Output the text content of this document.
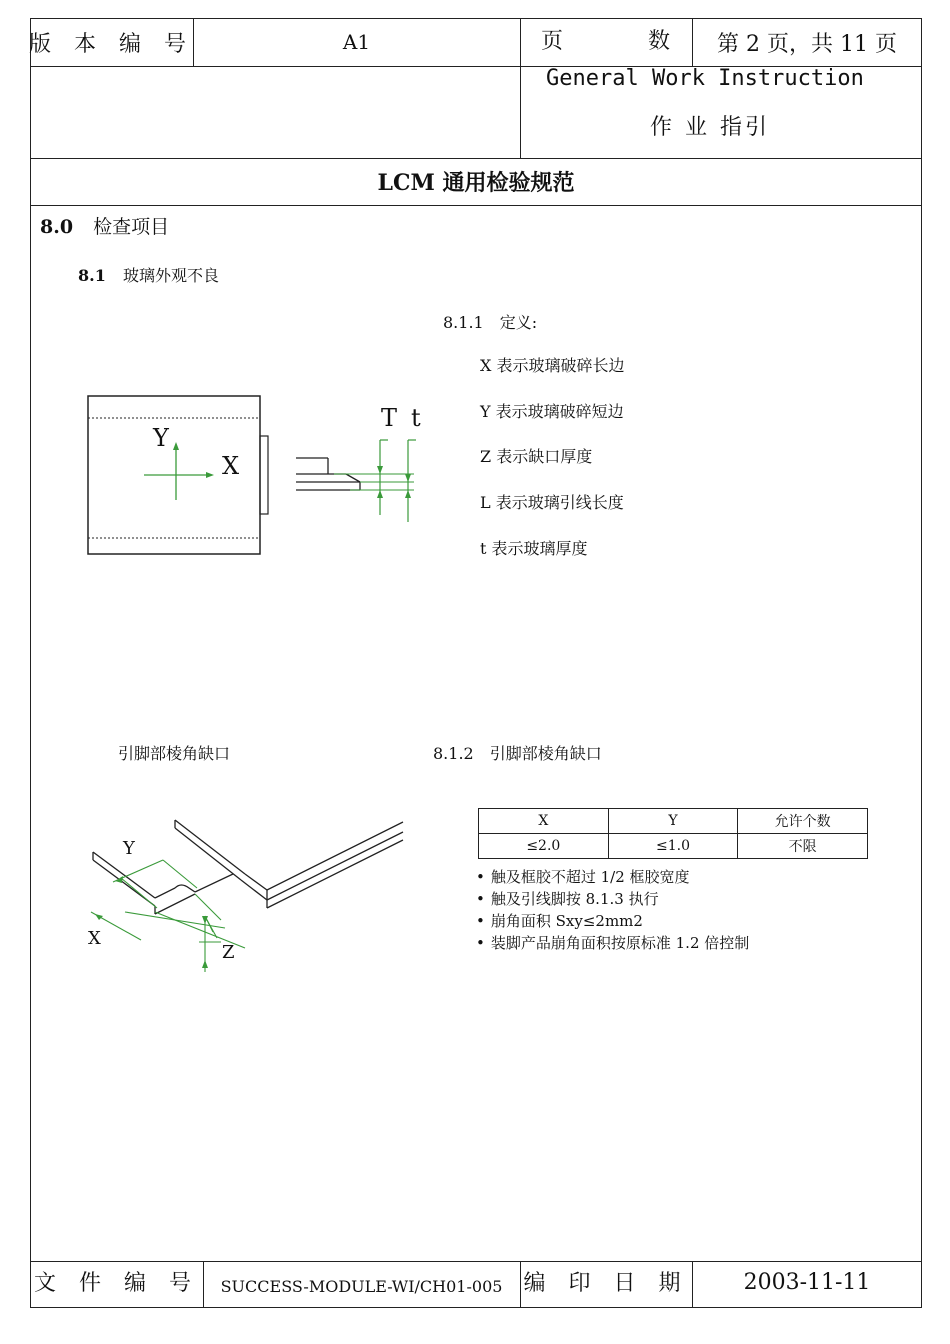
版 本 编 号	A1	页	数	第 2 页，共 11 页
General Work Instruction
作 业 指引
LCM 通用检验规范
8.0 检查项目
8.1 玻璃外观不良
8.1.1　定义:
X 表示玻璃破碎长边
Y 表示玻璃破碎短边
Z 表示缺口厚度
L 表示玻璃引线长度
t 表示玻璃厚度
Y
X
T t
引脚部棱角缺口	8.1.2　引脚部棱角缺口
Y
X
Z
X	Y	允许个数
≤2.0	≤1.0	不限
• 触及框胶不超过 1/2 框胶宽度
• 触及引线脚按 8.1.3 执行
• 崩角面积 Sxy≤2mm2
• 装脚产品崩角面积按原标准 1.2 倍控制
文 件 编 号	SUCCESS-MODULE-WI/CH01-005 编 印 日 期	2003-11-11
